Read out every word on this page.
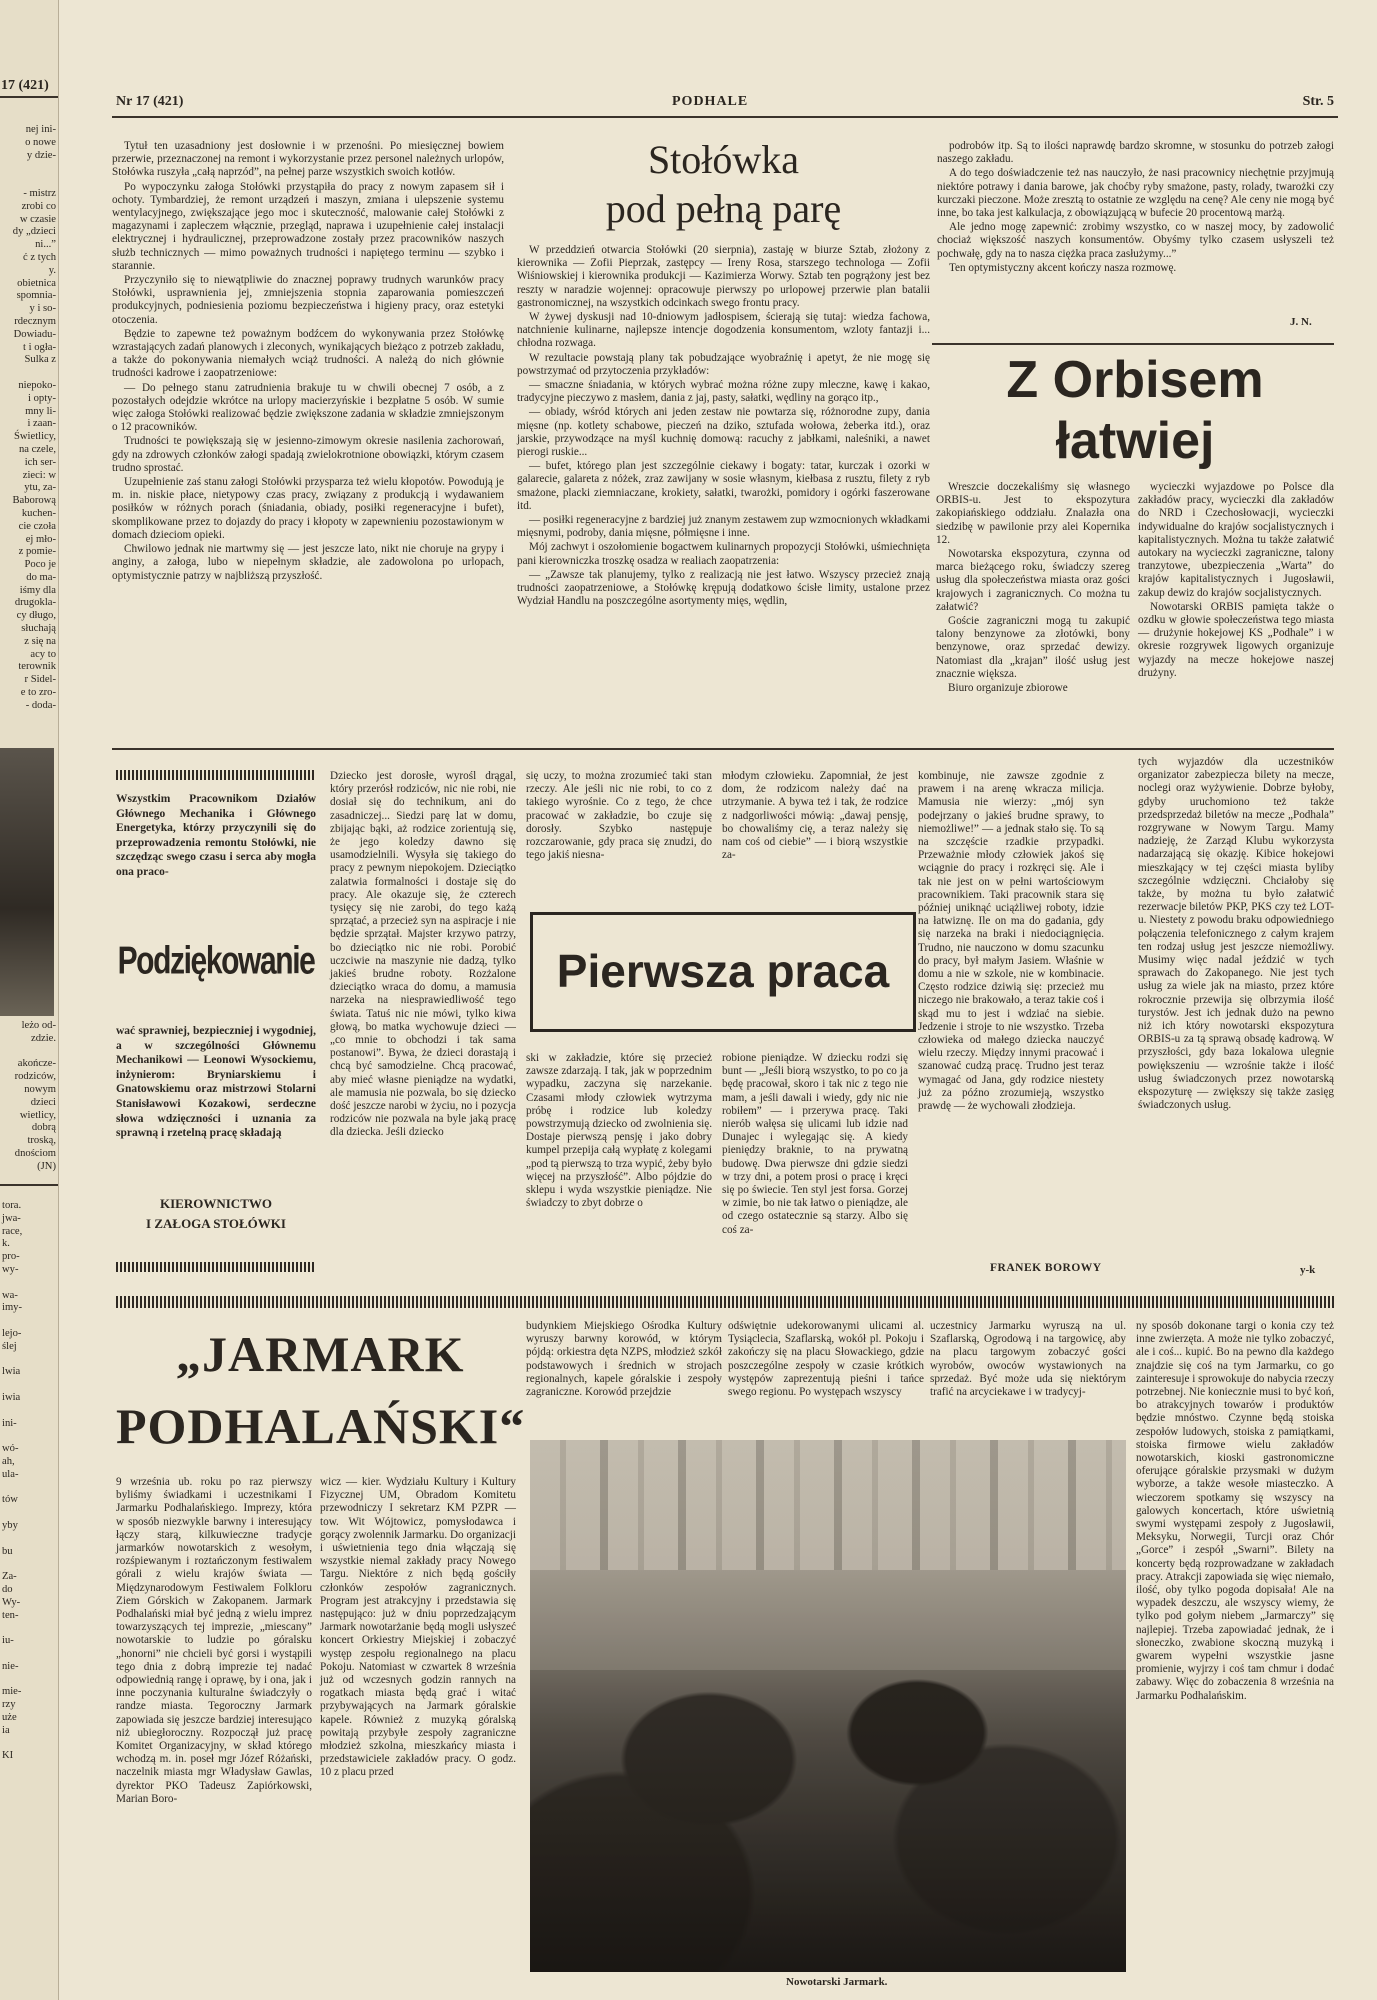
17 (421)
nej ini-
o nowe
y dzie-
- mistrz
zrobi co
w czasie
dy „dzieci
ni...”
ć z tych
y.
obietnica
spomnia-
y i so-
rdecznym
Dowiadu-
t i ogła-
Sulka z
niepoko-
i opty-
mny li-
i zaan-
Świetlicy,
na czele,
ich ser-
zieci: w
ytu, za-
Baborową
kuchen-
cie czoła
ej mło-
z pomie-
Poco je
do ma-
iśmy dla
drugokla-
cy długo,
słuchają
z się na
acy to
terownik
r Sidel-
e to zro-
- doda-
leżo od-
zdzie.
akończe-
rodziców,
nowym
dzieci
wietlicy,
dobrą
troską,
dnościom
(JN)
tora.
jwa-
race,
k.
pro-
wy-
wa-
imy-
lejo-
ślej
lwia
iwia
ini-
wó-
ah,
ula-
tów
yby
bu
Za-
do
Wy-
ten-
iu-
nie-
mie-
rzy
uże
ia
KI
Nr 17 (421)	PODHALE	Str. 5

Tytuł ten uzasadniony jest dosłownie i w przenośni. Po miesięcznej bowiem przerwie, przeznaczonej na remont i wykorzystanie przez personel należnych urlopów, Stołówka ruszyła „całą naprzód”, na pełnej parze wszystkich swoich kotłów.

Po wypoczynku załoga Stołówki przystąpiła do pracy z nowym zapasem sił i ochoty. Tymbardziej, że remont urządzeń i maszyn, zmiana i ulepszenie systemu wentylacyjnego, zwiększające jego moc i skuteczność, malowanie całej Stołówki z magazynami i zapleczem włącznie, przegląd, naprawa i uzupełnienie całej instalacji elektrycznej i hydraulicznej, przeprowadzone zostały przez pracowników naszych służb technicznych — mimo poważnych trudności i napiętego terminu — szybko i starannie.

Przyczyniło się to niewątpliwie do znacznej poprawy trudnych warunków pracy Stołówki, usprawnienia jej, zmniejszenia stopnia zaparowania pomieszczeń produkcyjnych, podniesienia poziomu bezpieczeństwa i higieny pracy, oraz estetyki otoczenia.

Będzie to zapewne też poważnym bodźcem do wykonywania przez Stołówkę wzrastających zadań planowych i zleconych, wynikających bieżąco z potrzeb zakładu, a także do pokonywania niemałych wciąż trudności. A należą do nich głównie trudności kadrowe i zaopatrzeniowe:

— Do pełnego stanu zatrudnienia brakuje tu w chwili obecnej 7 osób, a z pozostałych odejdzie wkrótce na urlopy macierzyńskie i bezpłatne 5 osób. W sumie więc załoga Stołówki realizować będzie zwiększone zadania w składzie zmniejszonym o 12 pracowników.

Trudności te powiększają się w jesienno-zimowym okresie nasilenia zachorowań, gdy na zdrowych członków załogi spadają zwielokrotnione obowiązki, którym czasem trudno sprostać.

Uzupełnienie zaś stanu załogi Stołówki przysparza też wielu kłopotów. Powodują je m. in. niskie płace, nietypowy czas pracy, związany z produkcją i wydawaniem posiłków w różnych porach (śniadania, obiady, posiłki regeneracyjne i bufet), skomplikowane przez to dojazdy do pracy i kłopoty w zapewnieniu pozostawionym w domach dzieciom opieki.

Chwilowo jednak nie martwmy się — jest jeszcze lato, nikt nie choruje na grypy i anginy, a załoga, lubo w niepełnym składzie, ale zadowolona po urlopach, optymistycznie patrzy w najbliższą przyszłość.

Stołówka
pod pełną parę

W przeddzień otwarcia Stołówki (20 sierpnia), zastaję w biurze Sztab, złożony z kierownika — Zofii Pieprzak, zastępcy — Ireny Rosa, starszego technologa — Zofii Wiśniowskiej i kierownika produkcji — Kazimierza Worwy. Sztab ten pogrążony jest bez reszty w naradzie wojennej: opracowuje pierwszy po urlopowej przerwie plan batalii gastronomicznej, na wszystkich odcinkach swego frontu pracy.

W żywej dyskusji nad 10-dniowym jadłospisem, ścierają się tutaj: wiedza fachowa, natchnienie kulinarne, najlepsze intencje dogodzenia konsumentom, wzloty fantazji i... chłodna rozwaga.

W rezultacie powstają plany tak pobudzające wyobraźnię i apetyt, że nie mogę się powstrzymać od przytoczenia przykładów:

— smaczne śniadania, w których wybrać można różne zupy mleczne, kawę i kakao, tradycyjne pieczywo z masłem, dania z jaj, pasty, sałatki, wędliny na gorąco itp.,

— obiady, wśród których ani jeden zestaw nie powtarza się, różnorodne zupy, dania mięsne (np. kotlety schabowe, pieczeń na dziko, sztufada wołowa, żeberka itd.), oraz jarskie, przywodzące na myśl kuchnię domową: racuchy z jabłkami, naleśniki, a nawet pierogi ruskie...

— bufet, którego plan jest szczególnie ciekawy i bogaty: tatar, kurczak i ozorki w galarecie, galareta z nóżek, zraz zawijany w sosie własnym, kiełbasa z rusztu, filety z ryb smażone, placki ziemniaczane, krokiety, sałatki, twarożki, pomidory i ogórki faszerowane itd.

— posiłki regeneracyjne z bardziej już znanym zestawem zup wzmocnionych wkładkami mięsnymi, podroby, dania mięsne, półmięsne i inne.

Mój zachwyt i oszołomienie bogactwem kulinarnych propozycji Stołówki, uśmiechnięta pani kierowniczka troszkę osadza w realiach zaopatrzenia:

— „Zawsze tak planujemy, tylko z realizacją nie jest łatwo. Wszyscy przecież znają trudności zaopatrzeniowe, a Stołówkę krępują dodatkowo ścisłe limity, ustalone przez Wydział Handlu na poszczególne asortymenty mięs, wędlin,

podrobów itp. Są to ilości naprawdę bardzo skromne, w stosunku do potrzeb załogi naszego zakładu.

A do tego doświadczenie też nas nauczyło, że nasi pracownicy niechętnie przyjmują niektóre potrawy i dania barowe, jak choćby ryby smażone, pasty, rolady, twarożki czy kurczaki pieczone. Może zresztą to ostatnie ze względu na cenę? Ale ceny nie mogą być inne, bo taka jest kalkulacja, z obowiązującą w bufecie 20 procentową marżą.

Ale jedno mogę zapewnić: zrobimy wszystko, co w naszej mocy, by zadowolić chociaż większość naszych konsumentów. Obyśmy tylko czasem usłyszeli też pochwałę, gdy na to nasza ciężka praca zasłużymy...”

Ten optymistyczny akcent kończy nasza rozmowę.

J. N.
Z Orbisem
łatwiej

Wreszcie doczekaliśmy się własnego ORBIS-u. Jest to ekspozytura zakopiańskiego oddziału. Znalazła ona siedzibę w pawilonie przy alei Kopernika 12.

Nowotarska ekspozytura, czynna od marca bieżącego roku, świadczy szereg usług dla społeczeństwa miasta oraz gości krajowych i zagranicznych. Co można tu załatwić?

Goście zagraniczni mogą tu zakupić talony benzynowe za złotówki, bony benzynowe, oraz sprzedać dewizy. Natomiast dla „krajan” ilość usług jest znacznie większa.

Biuro organizuje zbiorowe

wycieczki wyjazdowe po Polsce dla zakładów pracy, wycieczki dla zakładów do NRD i Czechosłowacji, wycieczki indywidualne do krajów socjalistycznych i kapitalistycznych. Można tu także załatwić autokary na wycieczki zagraniczne, talony tranzytowe, ubezpieczenia „Warta” do krajów kapitalistycznych i Jugosławii, zakup dewiz do krajów socjalistycznych.

Nowotarski ORBIS pamięta także o ozdku w głowie społeczeństwa tego miasta — drużynie hokejowej KS „Podhale” i w okresie rozgrywek ligowych organizuje wyjazdy na mecze hokejowe naszej drużyny.

Wszystkim Pracownikom Działów Głównego Mechanika i Głównego Energetyka, którzy przyczynili się do przeprowadzenia remontu Stołówki, nie szczędząc swego czasu i serca aby mogła ona praco-
Podziękowanie
wać sprawniej, bezpieczniej i wygodniej, a w szczególności Głównemu Mechanikowi — Leonowi Wysockiemu, inżynierom: Bryniarskiemu i Gnatowskiemu oraz mistrzowi Stolarni Stanisławowi Kozakowi, serdeczne słowa wdzięczności i uznania za sprawną i rzetelną pracę składają
KIEROWNICTWO
I ZAŁOGA STOŁÓWKI
Dziecko jest dorosłe, wyrośl drągal, który przerósł rodziców, nic nie robi, nie dosiał się do technikum, ani do zasadniczej... Siedzi parę lat w domu, zbijając bąki, aż rodzice zorientują się, że jego koledzy dawno się usamodzielnili. Wysyła się takiego do pracy z pewnym niepokojem. Dzieciątko zalatwia formalności i dostaje się do pracy. Ale okazuje się, że czterech tysięcy się nie zarobi, do tego każą sprzątać, a przecież syn na aspiracje i nie będzie sprzątał. Majster krzywo patrzy, bo dzieciątko nic nie robi. Porobić uczciwie na maszynie nie dadzą, tylko jakieś brudne roboty. Rozżalone dzieciątko wraca do domu, a mamusia narzeka na niesprawiedliwość tego świata. Tatuś nic nie mówi, tylko kiwa głową, bo matka wychowuje dzieci — „co mnie to obchodzi i tak sama postanowi”. Bywa, że dzieci dorastają i chcą być samodzielne. Chcą pracować, aby mieć własne pieniądze na wydatki, ale mamusia nie pozwala, bo się dziecko dość jeszcze narobi w życiu, no i pozycja rodziców nie pozwala na byle jaką pracę dla dziecka. Jeśli dziecko
się uczy, to można zrozumieć taki stan rzeczy. Ale jeśli nic nie robi, to co z takiego wyrośnie. Co z tego, że chce pracować w zakładzie, bo czuje się dorosły. Szybko następuje rozczarowanie, gdy praca się znudzi, do tego jakiś niesna-
młodym człowieku. Zapomniał, że jest dom, że rodzicom należy dać na utrzymanie. A bywa też i tak, że rodzice z nadgorliwości mówią: „dawaj pensję, bo chowaliśmy cię, a teraz należy się nam coś od ciebie” — i biorą wszystkie za-
Pierwsza praca
ski w zakładzie, które się przecież zawsze zdarzają. I tak, jak w poprzednim wypadku, zaczyna się narzekanie. Czasami młody człowiek wytrzyma próbę i rodzice lub koledzy powstrzymują dziecko od zwolnienia się. Dostaje pierwszą pensję i jako dobry kumpel przepija całą wypłatę z kolegami „pod tą pierwszą to trza wypić, żeby było więcej na przyszłość”. Albo pójdzie do sklepu i wyda wszystkie pieniądze. Nie świadczy to zbyt dobrze o
robione pieniądze. W dziecku rodzi się bunt — „Jeśli biorą wszystko, to po co ja będę pracował, skoro i tak nic z tego nie mam, a jeśli dawali i wiedy, gdy nic nie robiłem” — i przerywa pracę. Taki nierób wałęsa się ulicami lub idzie nad Dunajec i wylegając się. A kiedy pieniędzy braknie, to na prywatną budowę. Dwa pierwsze dni gdzie siedzi w trzy dni, a potem prosi o pracę i kręci się po świecie. Ten styl jest forsa. Gorzej w zimie, bo nie tak łatwo o pieniądze, ale od czego ostatecznie są starzy. Albo się coś za-
kombinuje, nie zawsze zgodnie z prawem i na arenę wkracza milicja. Mamusia nie wierzy: „mój syn podejrzany o jakieś brudne sprawy, to niemożliwe!” — a jednak stało się. To są na szczęście rzadkie przypadki. Przeważnie młody człowiek jakoś się wciągnie do pracy i rozkręci się. Ale i tak nie jest on w pełni wartościowym pracownikiem. Taki pracownik stara się później uniknąć uciążliwej roboty, idzie na łatwiznę. Ile on ma do gadania, gdy się narzeka na braki i niedociągnięcia. Trudno, nie nauczono w domu szacunku do pracy, był małym Jasiem. Właśnie w domu a nie w szkole, nie w kombinacie. Często rodzice dziwią się: przecież mu niczego nie brakowało, a teraz takie coś i skąd mu to jest i wdziać na siebie. Jedzenie i stroje to nie wszystko. Trzeba człowieka od małego dziecka nauczyć wielu rzeczy. Między innymi pracować i szanować cudzą pracę. Trudno jest teraz wymagać od Jana, gdy rodzice niestety już za późno zrozumieją, wszystko prawdę — że wychowali złodzieja.
FRANEK BOROWY
tych wyjazdów dla uczestników organizator zabezpiecza bilety na mecze, noclegi oraz wyżywienie. Dobrze byłoby, gdyby uruchomiono też także przedsprzedaż biletów na mecze „Podhala” rozgrywane w Nowym Targu. Mamy nadzieję, że Zarząd Klubu wykorzysta nadarzającą się okazję. Kibice hokejowi mieszkający w tej części miasta byliby szczególnie wdzięczni. Chciałoby się także, by można tu było załatwić rezerwacje biletów PKP, PKS czy też LOT-u. Niestety z powodu braku odpowiedniego połączenia telefonicznego z całym krajem ten rodzaj usług jest jeszcze niemożliwy. Musimy więc nadal jeździć w tych sprawach do Zakopanego. Nie jest tych usług za wiele jak na miasto, przez które rokrocznie przewija się olbrzymia ilość turystów. Jest ich jednak dużo na pewno niż ich który nowotarski ekspozytura ORBIS-u za tą sprawą obsadę kadrową. W przyszłości, gdy baza lokalowa ulegnie powiększeniu — wzrośnie także i ilość usług świadczonych przez nowotarską ekspozyturę — zwiększy się także zasięg świadczonych usług.
y-k
„JARMARK
PODHALAŃSKI“
9 września ub. roku po raz pierwszy byliśmy świadkami i uczestnikami I Jarmarku Podhalańskiego. Imprezy, która w sposób niezwykle barwny i interesujący łączy starą, kilkuwieczne tradycje jarmarków nowotarskich z wesołym, rozśpiewanym i roztańczonym festiwalem górali z wielu krajów świata — Międzynarodowym Festiwalem Folkloru Ziem Górskich w Zakopanem. Jarmark Podhalański miał być jedną z wielu imprez towarzyszących tej imprezie, „miescany” nowotarskie to ludzie po góralsku „honorni” nie chcieli być gorsi i wystąpili tego dnia z dobrą imprezie tej nadać odpowiednią rangę i oprawę, by i ona, jak i inne poczynania kulturalne świadczyły o randze miasta. Tegoroczny Jarmark zapowiada się jeszcze bardziej interesująco niż ubiegłoroczny. Rozpoczął już pracę Komitet Organizacyjny, w skład którego wchodzą m. in. poseł mgr Józef Różański, naczelnik miasta mgr Władysław Gawlas, dyrektor PKO Tadeusz Zapiórkowski, Marian Boro-
wicz — kier. Wydziału Kultury i Kultury Fizycznej UM, Obradom Komitetu przewodniczy I sekretarz KM PZPR — tow. Wit Wójtowicz, pomysłodawca i gorący zwolennik Jarmarku. Do organizacji i uświetnienia tego dnia włączają się wszystkie niemal zakłady pracy Nowego Targu. Niektóre z nich będą gościły członków zespołów zagranicznych. Program jest atrakcyjny i przedstawia się następująco: już w dniu poprzedzającym Jarmark nowotarżanie będą mogli usłyszeć koncert Orkiestry Miejskiej i zobaczyć występ zespołu regionalnego na placu Pokoju. Natomiast w czwartek 8 września już od wczesnych godzin rannych na rogatkach miasta będą grać i witać przybywających na Jarmark góralskie kapele. Również z muzyką góralską powitają przybyłe zespoły zagraniczne młodzież szkolna, mieszkańcy miasta i przedstawiciele zakładów pracy. O godz. 10 z placu przed
budynkiem Miejskiego Ośrodka Kultury wyruszy barwny korowód, w którym pójdą: orkiestra dęta NZPS, młodzież szkół podstawowych i średnich w strojach regionalnych, kapele góralskie i zespoły zagraniczne. Korowód przejdzie
odświętnie udekorowanymi ulicami al. Tysiąclecia, Szaflarską, wokół pl. Pokoju i zakończy się na placu Słowackiego, gdzie poszczególne zespoły w czasie krótkich występów zaprezentują pieśni i tańce swego regionu. Po występach wszyscy
uczestnicy Jarmarku wyruszą na ul. Szaflarską, Ogrodową i na targowicę, aby na placu targowym zobaczyć gości wyrobów, owoców wystawionych na sprzedaż. Być może uda się niektórym trafić na arcyciekawe i w tradycyj-
Nowotarski Jarmark.
ny sposób dokonane targi o konia czy też inne zwierzęta. A może nie tylko zobaczyć, ale i coś... kupić. Bo na pewno dla każdego znajdzie się coś na tym Jarmarku, co go zainteresuje i sprowokuje do nabycia rzeczy potrzebnej. Nie koniecznie musi to być koń, bo atrakcyjnych towarów i produktów będzie mnóstwo. Czynne będą stoiska zespołów ludowych, stoiska z pamiątkami, stoiska firmowe wielu zakładów nowotarskich, kioski gastronomiczne oferujące góralskie przysmaki w dużym wyborze, a także wesołe miasteczko. A wieczorem spotkamy się wszyscy na galowych koncertach, które uświetnią swymi występami zespoły z Jugosławii, Meksyku, Norwegii, Turcji oraz Chór „Gorce” i zespół „Swarni”. Bilety na koncerty będą rozprowadzane w zakładach pracy. Atrakcji zapowiada się więc niemało, ilość, oby tylko pogoda dopisała! Ale na wypadek deszczu, ale wszyscy wiemy, że tylko pod gołym niebem „Jarmarczy” się najlepiej. Trzeba zapowiadać jednak, że i słoneczko, zwabione skoczną muzyką i gwarem wypełni wszystkie jasne promienie, wyjrzy i coś tam chmur i dodać zabawy. Więc do zobaczenia 8 września na Jarmarku Podhalańskim.
